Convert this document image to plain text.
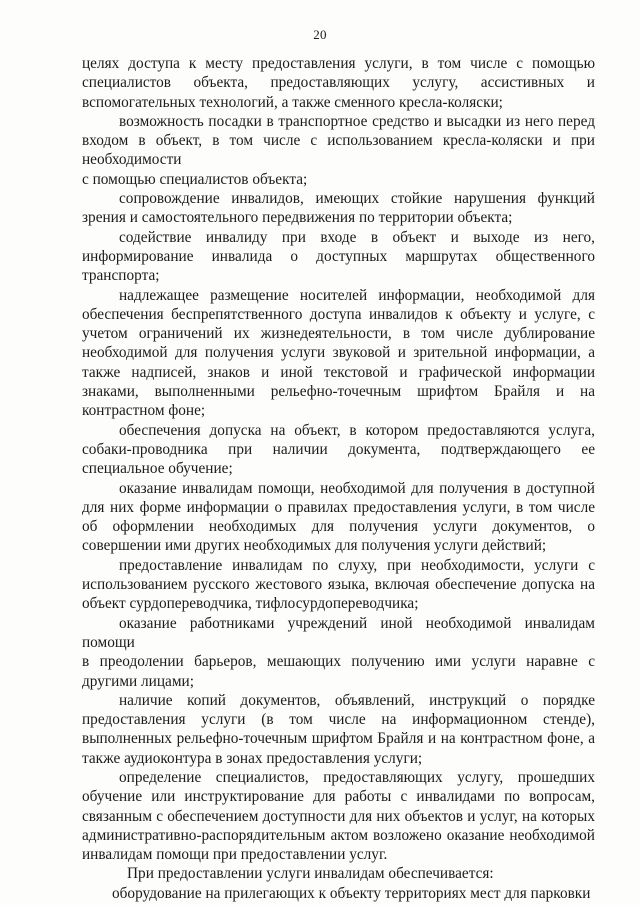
20

целях доступа к месту предоставления услуги, в том числе с помощью специалистов объекта, предоставляющих услугу, ассистивных и вспомогательных технологий, а также сменного кресла-коляски;

возможность посадки в транспортное средство и высадки из него перед входом в объект, в том числе с использованием кресла-коляски и при необходимости

с помощью специалистов объекта;

сопровождение инвалидов, имеющих стойкие нарушения функций зрения и самостоятельного передвижения по территории объекта;

содействие инвалиду при входе в объект и выходе из него, информирование инвалида о доступных маршрутах общественного транспорта;

надлежащее размещение носителей информации, необходимой для обеспечения беспрепятственного доступа инвалидов к объекту и услуге, с учетом ограничений их жизнедеятельности, в том числе дублирование необходимой для получения услуги звуковой и зрительной информации, а также надписей, знаков и иной текстовой и графической информации знаками, выполненными рельефно-точечным шрифтом Брайля и на контрастном фоне;

обеспечения допуска на объект, в котором предоставляются услуга, собаки-проводника при наличии документа, подтверждающего ее специальное обучение;

оказание инвалидам помощи, необходимой для получения в доступной для них форме информации о правилах предоставления услуги, в том числе об оформлении необходимых для получения услуги документов, о совершении ими других необходимых для получения услуги действий;

предоставление инвалидам по слуху, при необходимости, услуги с использованием русского жестового языка, включая обеспечение допуска на объект сурдопереводчика, тифлосурдопереводчика;

оказание работниками учреждений иной необходимой инвалидам помощи

в преодолении барьеров, мешающих получению ими услуги наравне с другими лицами;

наличие копий документов, объявлений, инструкций о порядке предоставления услуги (в том числе на информационном стенде), выполненных рельефно-точечным шрифтом Брайля и на контрастном фоне, а также аудиоконтура в зонах предоставления услуги;

определение специалистов, предоставляющих услугу, прошедших обучение или инструктирование для работы с инвалидами по вопросам, связанным с обеспечением доступности для них объектов и услуг, на которых административно-распорядительным актом возложено оказание необходимой инвалидам помощи при предоставлении услуг.

При предоставлении услуги инвалидам обеспечивается:

оборудование на прилегающих к объекту территориях мест для парковки
